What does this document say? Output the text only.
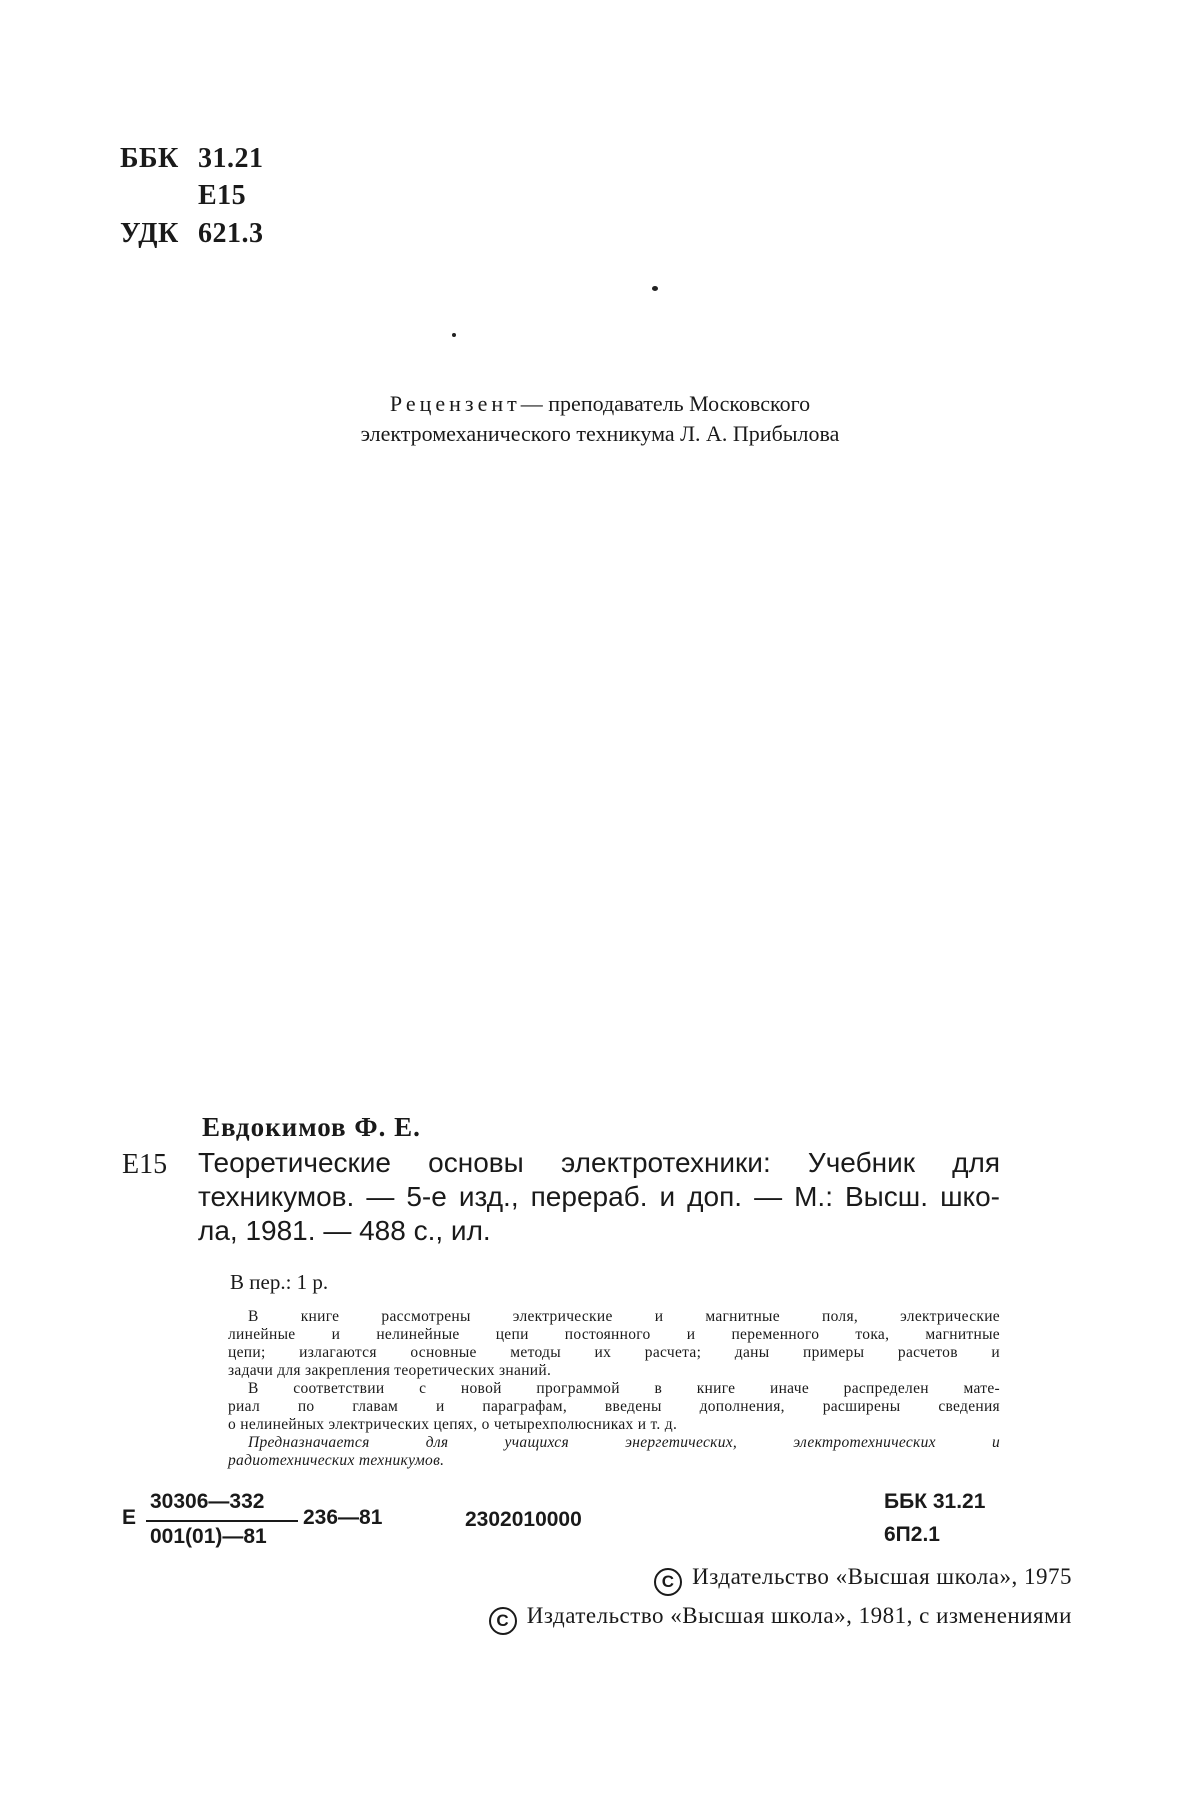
ББК 31.21
Е15
УДК 621.3
Рецензент— преподаватель Московского
электромеханического техникума Л. А. Прибылова
Евдокимов Ф. Е.
Е15 Теоретические основы электротехники: Учебник для
техникумов. — 5-е изд., перераб. и доп. — М.: Высш. шко-
ла, 1981. — 488 с., ил.
В пер.: 1 р.
В книге рассмотрены электрические и магнитные поля, электрические
линейные и нелинейные цепи постоянного и переменного тока, магнитные
цепи; излагаются основные методы их расчета; даны примеры расчетов и
задачи для закрепления теоретических знаний.
В соответствии с новой программой в книге иначе распределен мате-
риал по главам и параграфам, введены дополнения, расширены сведения
о нелинейных электрических цепях, о четырехполюсниках и т. д.
Предназначается для учащихся энергетических, электротехнических и
радиотехнических техникумов.
Е
30306—332
001(01)—81
236—81	2302010000
ББК 31.21
6П2.1
С Издательство «Высшая школа», 1975
С Издательство «Высшая школа», 1981, с изменениями
